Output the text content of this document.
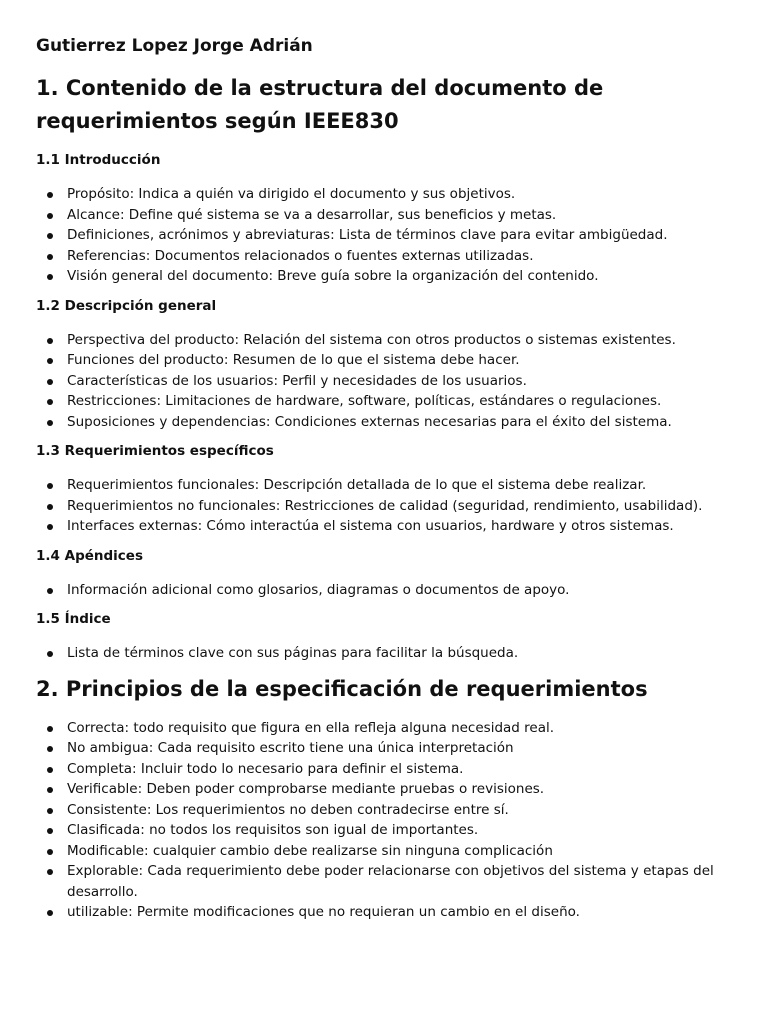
Gutierrez Lopez Jorge Adrián
1. Contenido de la estructura del documento de requerimientos según IEEE830
1.1 Introducción
Propósito: Indica a quién va dirigido el documento y sus objetivos.
Alcance: Define qué sistema se va a desarrollar, sus beneficios y metas.
Definiciones, acrónimos y abreviaturas: Lista de términos clave para evitar ambigüedad.
Referencias: Documentos relacionados o fuentes externas utilizadas.
Visión general del documento: Breve guía sobre la organización del contenido.
1.2 Descripción general
Perspectiva del producto: Relación del sistema con otros productos o sistemas existentes.
Funciones del producto: Resumen de lo que el sistema debe hacer.
Características de los usuarios: Perfil y necesidades de los usuarios.
Restricciones: Limitaciones de hardware, software, políticas, estándares o regulaciones.
Suposiciones y dependencias: Condiciones externas necesarias para el éxito del sistema.
1.3 Requerimientos específicos
Requerimientos funcionales: Descripción detallada de lo que el sistema debe realizar.
Requerimientos no funcionales: Restricciones de calidad (seguridad, rendimiento, usabilidad).
Interfaces externas: Cómo interactúa el sistema con usuarios, hardware y otros sistemas.
1.4 Apéndices
Información adicional como glosarios, diagramas o documentos de apoyo.
1.5 Índice
Lista de términos clave con sus páginas para facilitar la búsqueda.
2. Principios de la especificación de requerimientos
Correcta: todo requisito que figura en ella refleja alguna necesidad real.
No ambigua: Cada requisito escrito tiene una única interpretación
Completa: Incluir todo lo necesario para definir el sistema.
Verificable: Deben poder comprobarse mediante pruebas o revisiones.
Consistente: Los requerimientos no deben contradecirse entre sí.
Clasificada: no todos los requisitos son igual de importantes.
Modificable: cualquier cambio debe realizarse sin ninguna complicación
Explorable: Cada requerimiento debe poder relacionarse con objetivos del sistema y etapas del desarrollo.
utilizable: Permite modificaciones que no requieran un cambio en el diseño.
